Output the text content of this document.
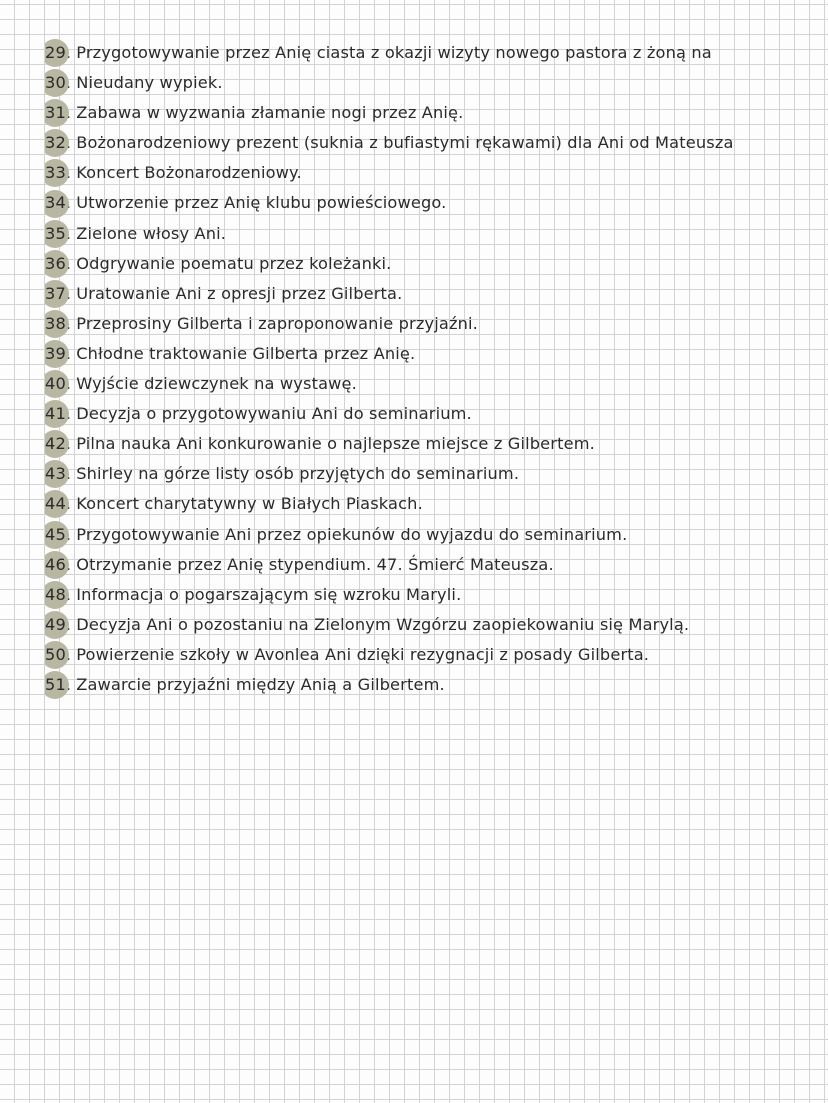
29 . Przygotowywanie przez Anię ciasta z okazji wizyty nowego pastora z żoną na
30 . Nieudany wypiek.
31 . Zabawa w wyzwania złamanie nogi przez Anię.
32 . Bożonarodzeniowy prezent (suknia z bufiastymi rękawami) dla Ani od Mateusza
33 . Koncert Bożonarodzeniowy.
34 . Utworzenie przez Anię klubu powieściowego.
35 . Zielone włosy Ani.
36 . Odgrywanie poematu przez koleżanki.
37 . Uratowanie Ani z opresji przez Gilberta.
38 . Przeprosiny Gilberta i zaproponowanie przyjaźni.
39 . Chłodne traktowanie Gilberta przez Anię.
40 . Wyjście dziewczynek na wystawę.
41 . Decyzja o przygotowywaniu Ani do seminarium.
42 . Pilna nauka Ani konkurowanie o najlepsze miejsce z Gilbertem.
43 . Shirley na górze listy osób przyjętych do seminarium.
44 . Koncert charytatywny w Białych Piaskach.
45 . Przygotowywanie Ani przez opiekunów do wyjazdu do seminarium.
46 . Otrzymanie przez Anię stypendium. 47. Śmierć Mateusza.
48 . Informacja o pogarszającym się wzroku Maryli.
49 . Decyzja Ani o pozostaniu na Zielonym Wzgórzu zaopiekowaniu się Marylą.
50 . Powierzenie szkoły w Avonlea Ani dzięki rezygnacji z posady Gilberta.
51 . Zawarcie przyjaźni między Anią a Gilbertem.
